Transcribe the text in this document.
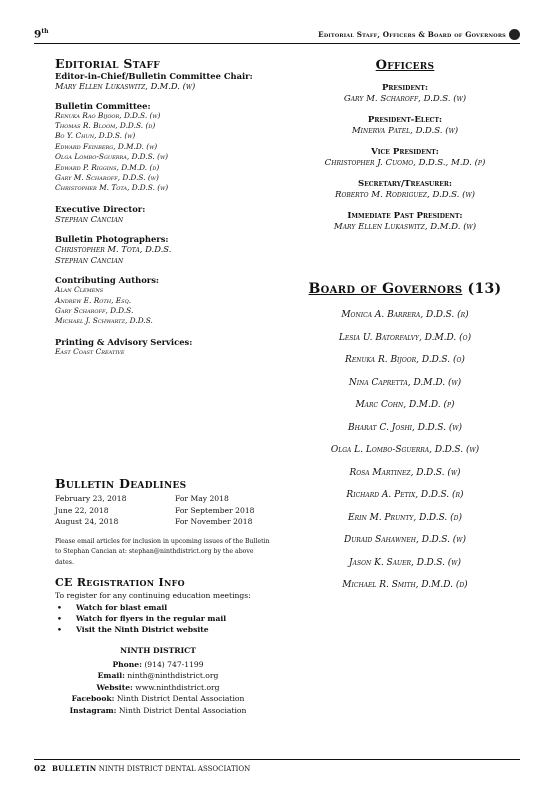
9th	Editorial Staff, Officers & Board of Governors
Editorial Staff

Editor-in-Chief/Bulletin Committee Chair:

Mary Ellen Lukaswitz, D.M.D. (w)

Bulletin Committee:

Renuka Rao Bijoor, D.D.S. (w)

Thomas R. Bloom, D.D.S. (d)

Bo Y. Chun, D.D.S. (w)

Edward Feinberg, D.M.D. (w)

Olga Lombo-Sguerra, D.D.S. (w)

Edward P. Riggins, D.M.D. (d)

Gary M. Scharoff, D.D.S. (w)

Christopher M. Tota, D.D.S. (w)

Executive Director:

Stephan Cancian

Bulletin Photographers:

Christopher M. Tota, D.D.S.

Stephan Cancian

Contributing Authors:

Alan Clemens

Andrew E. Roth, Esq.

Gary Scharoff, D.D.S.

Michael J. Schwartz, D.D.S.

Printing & Advisory Services:

East Coast Creative

Bulletin Deadlines
February 23, 2018	For May 2018
June 22, 2018	For September 2018
August 24, 2018	For November 2018
Please email articles for inclusion in upcoming issues of the Bulletin to Stephan Cancian at: stephan@ninthdistrict.org by the above dates.
CE Registration Info

To register for any continuing education meetings:

• Watch for blast email
• Watch for flyers in the regular mail
• Visit the Ninth District website
NINTH DISTRICT
Phone: (914) 747-1199
Email: ninth@ninthdistrict.org
Website: www.ninthdistrict.org
Facebook: Ninth District Dental Association
Instagram: Ninth District Dental Association
Officers
President:
Gary M. Scharoff, D.D.S. (w)
President-Elect:
Minerva Patel, D.D.S. (w)
Vice President:
Christopher J. Cuomo, D.D.S., M.D. (p)
Secretary/Treasurer:
Roberto M. Rodriguez, D.D.S. (w)
Immediate Past President:
Mary Ellen Lukaswitz, D.M.D. (w)
Board of Governors (13)
Monica A. Barrera, D.D.S. (r)
Lesia U. Batorfalvy, D.M.D. (o)
Renuka R. Bijoor, D.D.S. (o)
Nina Capretta, D.M.D. (w)
Marc Cohn, D.M.D. (p)
Bharat C. Joshi, D.D.S. (w)
Olga L. Lombo-Sguerra, D.D.S. (w)
Rosa Martinez, D.D.S. (w)
Richard A. Petix, D.D.S. (r)
Erin M. Prunty, D.D.S. (d)
Duraid Sahawneh, D.D.S. (w)
Jason K. Sauer, D.D.S. (w)
Michael R. Smith, D.M.D. (d)
02 BULLETIN NINTH DISTRICT DENTAL ASSOCIATION
